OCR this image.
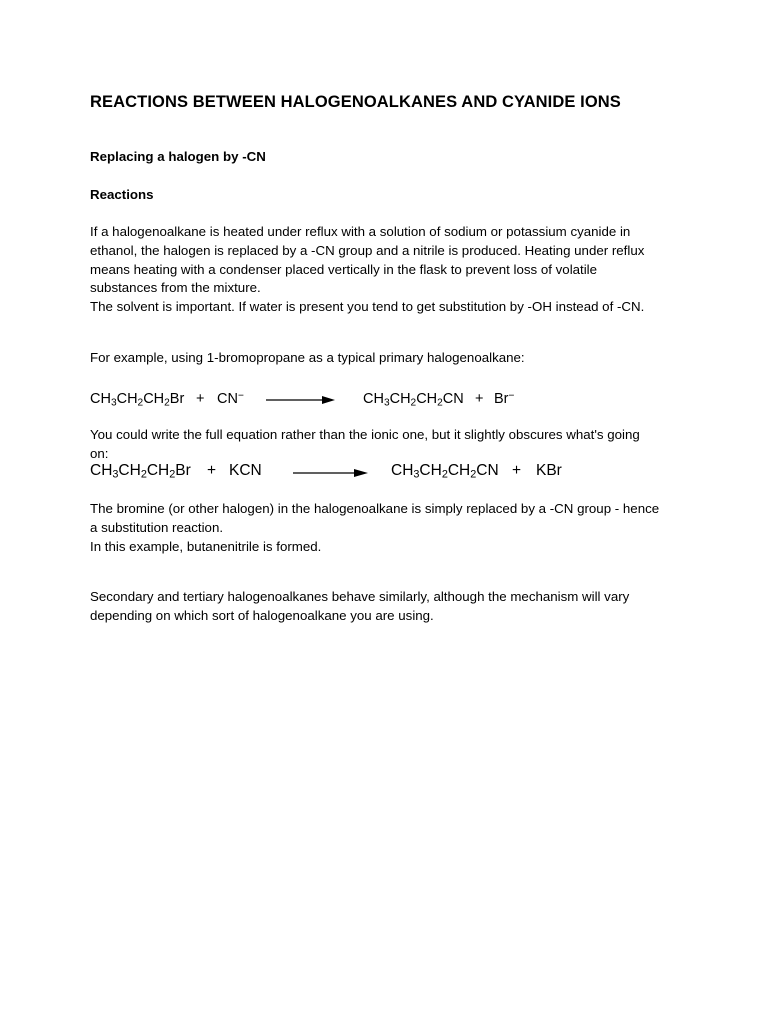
REACTIONS BETWEEN HALOGENOALKANES AND CYANIDE IONS
Replacing a halogen by -CN
Reactions

If a halogenoalkane is heated under reflux with a solution of sodium or potassium cyanide in

ethanol, the halogen is replaced by a -CN group and a nitrile is produced. Heating under reflux

means heating with a condenser placed vertically in the flask to prevent loss of volatile

substances from the mixture.

The solvent is important. If water is present you tend to get substitution by -OH instead of -CN.

For example, using 1-bromopropane as a typical primary halogenoalkane:
$CH_3CH_2CH_2Br + CN^-$	$CH_3CH_2CH_2CN + Br^-$

You could write the full equation rather than the ionic one, but it slightly obscures what's going

on:

$CH_3CH_2CH_2Br$ + KCN	$CH_3CH_2CH_2CN$ + KBr

The bromine (or other halogen) in the halogenoalkane is simply replaced by a -CN group - hence

a substitution reaction.

In this example, butanenitrile is formed.

Secondary and tertiary halogenoalkanes behave similarly, although the mechanism will vary

depending on which sort of halogenoalkane you are using.
